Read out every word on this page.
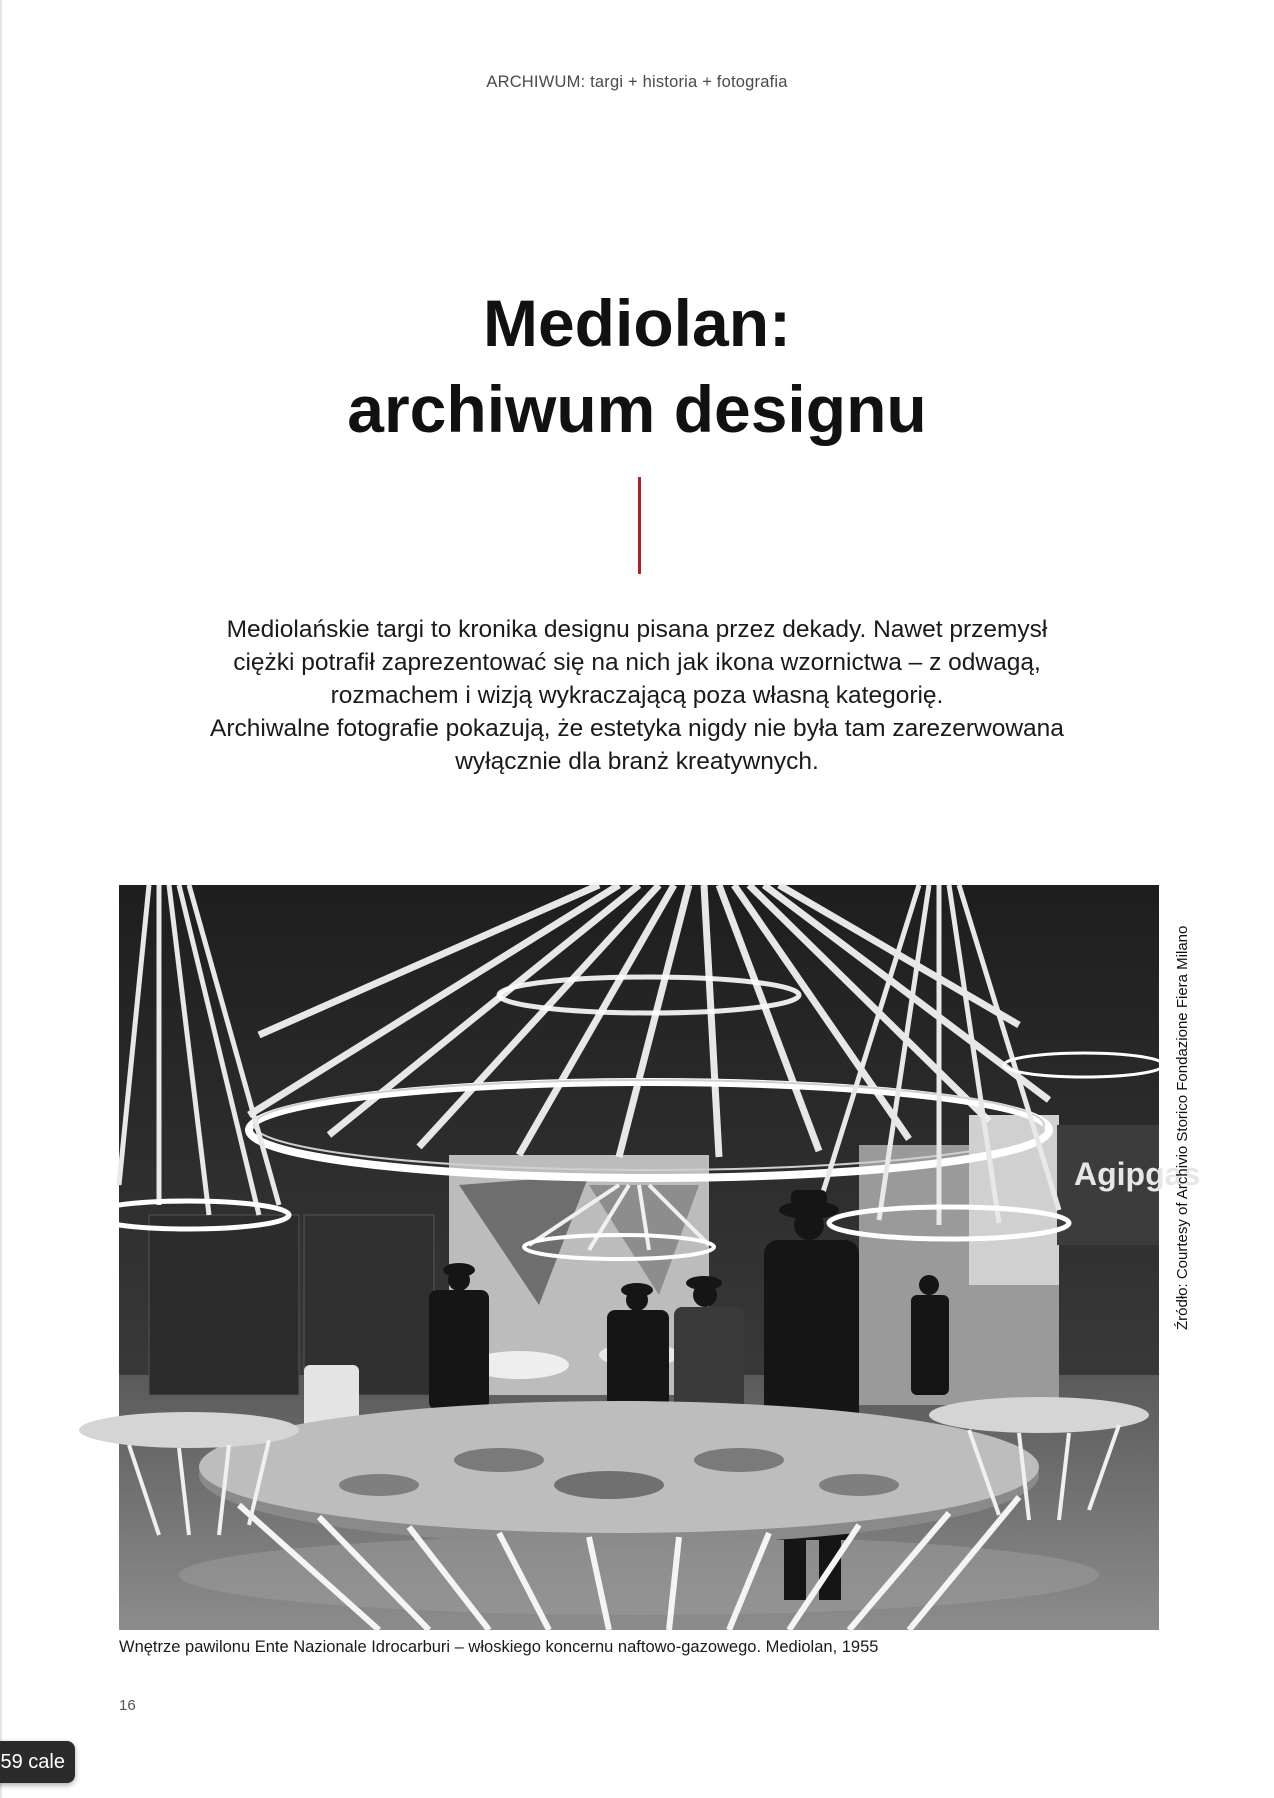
ARCHIWUM: targi + historia + fotografia
Mediolan:
archiwum designu

Mediolańskie targi to kronika designu pisana przez dekady. Nawet przemysł

ciężki potrafił zaprezentować się na nich jak ikona wzornictwa – z odwagą,

rozmachem i wizją wykraczającą poza własną kategorię.

Archiwalne fotografie pokazują, że estetyka nigdy nie była tam zarezerwowana

wyłącznie dla branż kreatywnych.

Agipgas
Źródło: Courtesy of Archivio Storico Fondazione Fiera Milano
Wnętrze pawilonu Ente Nazionale Idrocarburi – włoskiego koncernu naftowo-gazowego. Mediolan, 1955
16
59 cale
